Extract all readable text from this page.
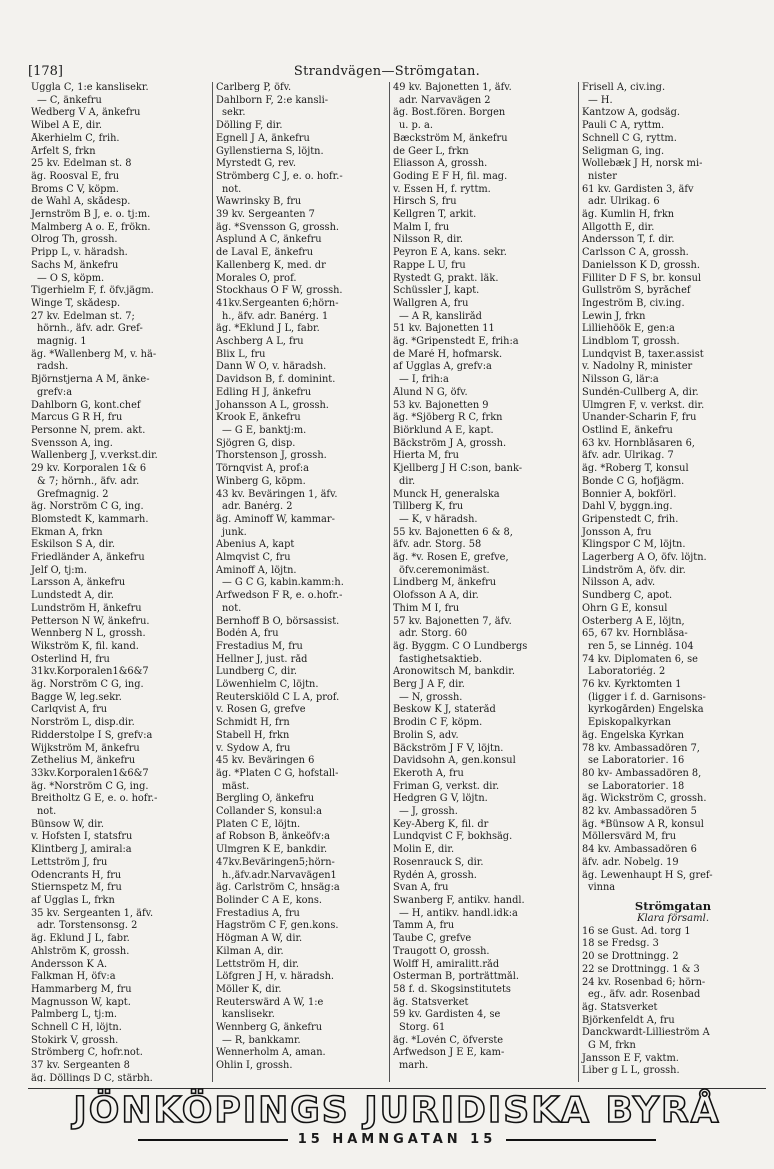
[178]	Strandvägen—Strömgatan.
Uggla C, 1:e kanslisekr.
— C, änkefru
Wedberg V A, änkefru
Wibel A E, dir.
Åkerhielm C, frih.
Årfelt S, frkn
25 kv. Edelman st. 8
äg. Roosval E, fru
Broms C V, köpm.
de Wahl A, skådesp.
Jernström B J, e. o. tj:m.
Malmberg A o. E, frökn.
Olrog Th, grossh.
Pripp L, v. häradsh.
Sachs M, änkefru
— O S, köpm.
Tigerhielm F, f. öfv.jägm.
Winge T, skådesp.
27 kv. Edelman st. 7;
hörnh., äfv. adr. Gref-
magnig. 1
äg. *Wallenberg M, v. hä-
radsh.
Björnstjerna A M, änke-
grefv:a
Dahlborn G, kont.chef
Marcus G R H, fru
Personne N, prem. akt.
Svensson A, ing.
Wallenberg J, v.verkst.dir.
29 kv. Korporalen 1& 6
& 7; hörnh., äfv. adr.
Grefmagnig. 2
äg. Norström C G, ing.
Blomstedt K, kammarh.
Ekman A, frkn
Eskilson S A, dir.
Friedländer A, änkefru
Jelf O, tj:m.
Larsson A, änkefru
Lundstedt A, dir.
Lundström H, änkefru
Petterson N W, änkefru.
Wennberg N L, grossh.
Wikström K, fil. kand.
Österlind H, fru
31kv.Korporalen1&6&7
äg. Norström C G, ing.
Bagge W, leg.sekr.
Carlqvist A, fru
Norström L, disp.dir.
Ridderstolpe I S, grefv:a
Wijkström M, änkefru
Zethelius M, änkefru
33kv.Korporalen1&6&7
äg. *Norström C G, ing.
Breitholtz G E, e. o. hofr.-
not.
Bünsow W, dir.
v. Hofsten I, statsfru
Klintberg J, amiral:a
Lettström J, fru
Odencrants H, fru
Stiernspetz M, fru
af Ugglas L, frkn
35 kv. Sergeanten 1, äfv.
adr. Torstensonsg. 2
äg. Eklund J L, fabr.
Ahlström K, grossh.
Andersson K A.
Falkman H, öfv:a
Hammarberg M, fru
Magnusson W, kapt.
Palmberg L, tj:m.
Schnell C H, löjtn.
Stokirk V, grossh.
Strömberg C, hofr.not.
37 kv. Sergeanten 8
äg. Döllings D C, stärbh.
Carlberg P, öfv.
Dahlborn F, 2:e kansli-
sekr.
Dölling F, dir.
Egnell J A, änkefru
Gyllenstierna S, löjtn.
Myrstedt G, rev.
Strömberg C J, e. o. hofr.-
not.
Wawrinsky B, fru
39 kv. Sergeanten 7
äg. *Svensson G, grossh.
Asplund A C, änkefru
de Laval E, änkefru
Kallenberg K, med. dr
Morales O, prof.
Stockhaus O F W, grossh.
41kv.Sergeanten 6;hörn-
h., äfv. adr. Banérg. 1
äg. *Eklund J L, fabr.
Aschberg A L, fru
Blix L, fru
Dann W O, v. häradsh.
Davidson B, f. dominint.
Edling H J, änkefru
Johansson A L, grossh.
Krook E, änkefru
— G E, banktj:m.
Sjögren G, disp.
Thorstenson J, grossh.
Törnqvist A, prof:a
Winberg G, köpm.
43 kv. Beväringen 1, äfv.
adr. Banérg. 2
äg. Aminoff W, kammar-
junk.
Abenius A, kapt
Almqvist C, fru
Aminoff A, löjtn.
— G C G, kabin.kamm:h.
Arfwedson F R, e. o.hofr.-
not.
Bernhoff B O, börsassist.
Bodén A, fru
Frestadius M, fru
Hellner J, just. råd
Lundberg C, dir.
Löwenhielm C, löjtn.
Reuterskiöld C L A, prof.
v. Rosen G, grefve
Schmidt H, frn
Stabell H, frkn
v. Sydow A, fru
45 kv. Beväringen 6
äg. *Platen C G, hofstall-
mäst.
Bergling O, änkefru
Collander S, konsul:a
Platen C E, löjtn.
af Robson B, änkeöfv:a
Ulmgren K E, bankdir.
47kv.Beväringen5;hörn-
h.,äfv.adr.Narvavägen1
äg. Carlström C, hnsäg:a
Bolinder C A E, kons.
Frestadius A, fru
Hagström C F, gen.kons.
Högman A W, dir.
Kilman A, dir.
Lettström H, dir.
Löfgren J H, v. häradsh.
Möller K, dir.
Reuterswärd A W, 1:e
kanslisekr.
Wennberg G, änkefru
— R, bankkamr.
Wennerholm A, aman.
Öhlin I, grossh.
49 kv. Bajonetten 1, äfv.
adr. Narvavägen 2
äg. Bost.fören. Borgen
u. p. a.
Bæckström M, änkefru
de Geer L, frkn
Eliasson A, grossh.
Goding E F H, fil. mag.
v. Essen H, f. ryttm.
Hirsch S, fru
Kellgren T, arkit.
Malm I, fru
Nilsson R, dir.
Peyron E A, kans. sekr.
Rappe L U, fru
Rystedt G, prakt. läk.
Schüssler J, kapt.
Wallgren A, fru
— A R, kansliråd
51 kv. Bajonetten 11
äg. *Gripenstedt E, frih:a
de Maré H, hofmarsk.
af Ugglas A, grefv:a
— I, frih:a
Ålund N G, öfv.
53 kv. Bajonetten 9
äg. *Sjöberg R C, frkn
Biörklund A E, kapt.
Bäckström J A, grossh.
Hierta M, fru
Kjellberg J H C:son, bank-
dir.
Munck H, generalska
Tillberg K, fru
— K, v häradsh.
55 kv. Bajonetten 6 & 8,
äfv. adr. Storg. 58
äg. *v. Rosen E, grefve,
öfv.ceremonimäst.
Lindberg M, änkefru
Olofsson A A, dir.
Thim M I, fru
57 kv. Bajonetten 7, äfv.
adr. Storg. 60
äg. Byggm. C O Lundbergs
fastighetsaktieb.
Aronowitsch M, bankdir.
Berg J A F, dir.
— N, grossh.
Beskow K J, stateråd
Brodin C F, köpm.
Brolin S, adv.
Bäckström J F V, löjtn.
Davidsohn A, gen.konsul
Ekeroth A, fru
Friman G, verkst. dir.
Hedgren G V, löjtn.
— J, grossh.
Key-Åberg K, fil. dr
Lundqvist C F, bokhsäg.
Molin E, dir.
Rosenrauck S, dir.
Rydén A, grossh.
Svan A, fru
Swanberg F, antikv. handl.
— H, antikv. handl.idk:a
Tamm A, fru
Taube C, grefve
Traugott O, grossh.
Wolff H, amiralitt.råd
Österman B, porträttmål.
58 f. d. Skogsinstitutets
äg. Statsverket
59 kv. Gardisten 4, se
Storg. 61
äg. *Lovén C, öfverste
Arfwedson J E E, kam-
marh.
Frisell A, civ.ing.
— H.
Kantzow A, godsäg.
Pauli C A, ryttm.
Schnell C G, ryttm.
Seligman G, ing.
Wollebæk J H, norsk mi-
nister
61 kv. Gardisten 3, äfv
adr. Ulrikag. 6
äg. Kumlin H, frkn
Allgotth E, dir.
Andersson T, f. dir.
Carlsson C A, grossh.
Danielsson K D, grossh.
Filliter D F S, br. konsul
Gullström S, byråchef
Ingeström B, civ.ing.
Lewin J, frkn
Lilliehöök E, gen:a
Lindblom T, grossh.
Lundqvist B, taxer.assist
v. Nadolny R, minister
Nilsson G, lär:a
Sundén-Cullberg A, dir.
Ulmgren F, v. verkst. dir.
Unander-Scharin F, fru
Östlind E, änkefru
63 kv. Hornblåsaren 6,
äfv. adr. Ulrikag. 7
äg. *Roberg T, konsul
Bonde C G, hofjägm.
Bonnier Å, bokförl.
Dahl V, byggn.ing.
Gripenstedt C, frih.
Jonsson A, fru
Klingspor C M, löjtn.
Lagerberg A O, öfv. löjtn.
Lindström A, öfv. dir.
Nilsson A, adv.
Sundberg C, apot.
Öhrn G E, konsul
Österberg A E, löjtn,
65, 67 kv. Hornblåsa-
ren 5, se Linnég. 104
74 kv. Diplomaten 6, se
Laboratoriég. 2
76 kv. Kyrktomten 1
(ligger i f. d. Garnisons-
kyrkogården) Engelska
Episkopalkyrkan
äg. Engelska Kyrkan
78 kv. Ambassadören 7,
se Laboratoriег. 16
80 kv- Ambassadören 8,
se Laboratoriег. 18
äg. Wickström C, grossh.
82 kv. Ambassadören 5
äg. *Bünsow A R, konsul
Möllersvärd M, fru
84 kv. Ambassadören 6
äfv. adr. Nobelg. 19
äg. Lewenhaupt H S, gref-
vinna
Strömgatan
Klara församl.
16 se Gust. Ad. torg 1
18 se Fredsg. 3
20 se Drottningg. 2
22 se Drottningg. 1 & 3
24 kv. Rosenbad 6; hörn-
eg., äfv. adr. Rosenbad
äg. Statsverket
Björkenfeldt A, fru
Danckwardt-Lillieström A
G M, frkn
Jansson E F, vaktm.
Liber g L L, grossh.
JÖNKÖPINGS JURIDISKA BYRÅ
15 HAMNGATAN 15
